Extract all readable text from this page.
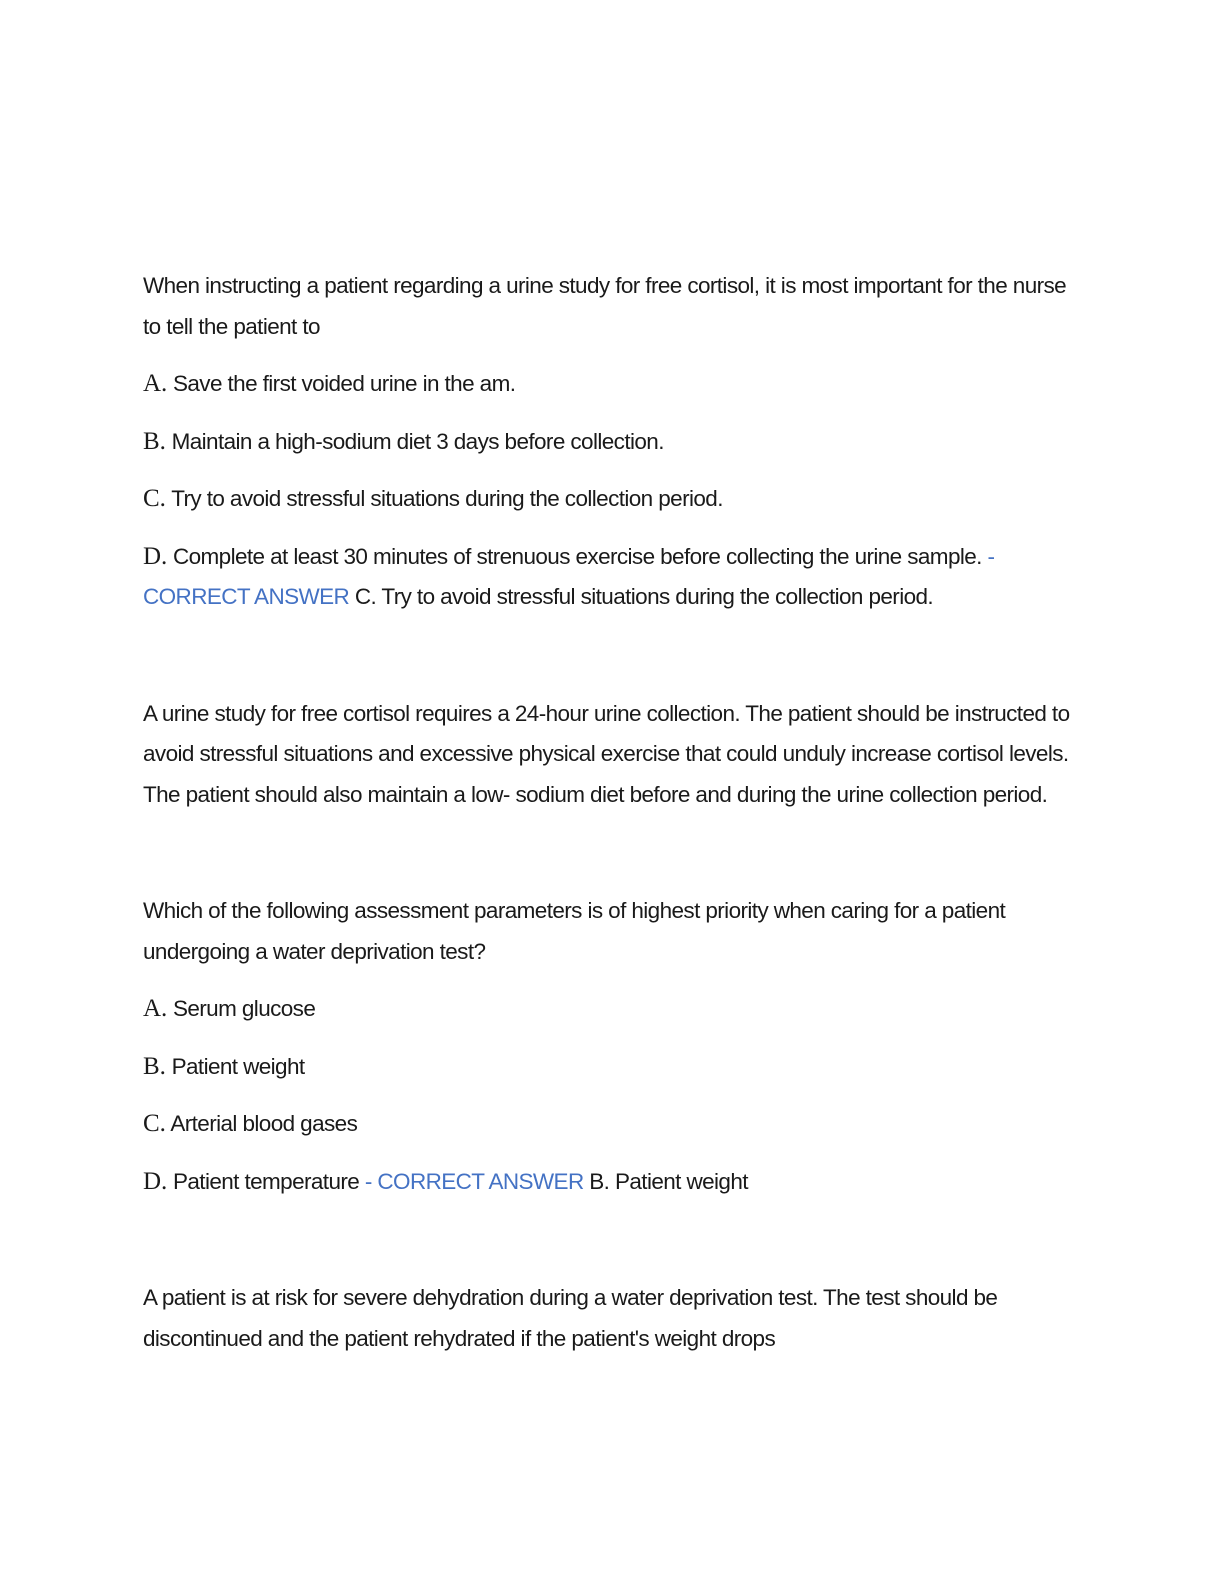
When instructing a patient regarding a urine study for free cortisol, it is most important for the nurse to tell the patient to

A. Save the first voided urine in the am.

B. Maintain a high-sodium diet 3 days before collection.

C. Try to avoid stressful situations during the collection period.

D. Complete at least 30 minutes of strenuous exercise before collecting the urine sample. - CORRECT ANSWER C. Try to avoid stressful situations during the collection period.

A urine study for free cortisol requires a 24-hour urine collection. The patient should be instructed to avoid stressful situations and excessive physical exercise that could unduly increase cortisol levels. The patient should also maintain a low- sodium diet before and during the urine collection period.

Which of the following assessment parameters is of highest priority when caring for a patient undergoing a water deprivation test?

A. Serum glucose

B. Patient weight

C. Arterial blood gases

D. Patient temperature - CORRECT ANSWER B. Patient weight

A patient is at risk for severe dehydration during a water deprivation test. The test should be discontinued and the patient rehydrated if the patient's weight drops
